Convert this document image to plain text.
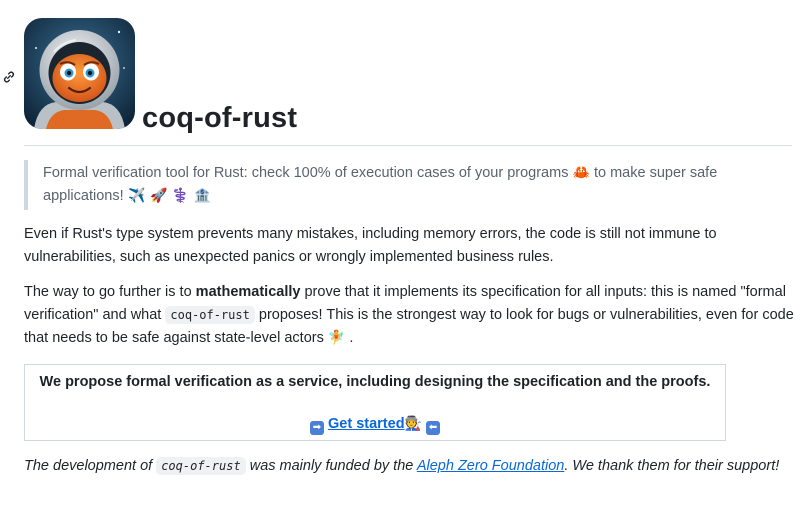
coq-of-rust
Formal verification tool for Rust: check 100% of execution cases of your programs 🦀 to make super safe applications! ✈️ 🚀 ⚕️ 🏦

Even if Rust's type system prevents many mistakes, including memory errors, the code is still not immune to vulnerabilities, such as unexpected panics or wrongly implemented business rules.

The way to go further is to mathematically prove that it implements its specification for all inputs: this is named "formal verification" and what coq-of-rust proposes! This is the strongest way to look for bugs or vulnerabilities, even for code that needs to be safe against state-level actors 🧚 .

We propose formal verification as a service, including designing the specification and the proofs.
➡ Get started🧑‍🏭 ⬅

The development of coq-of-rust was mainly funded by the Aleph Zero Foundation. We thank them for their support!
